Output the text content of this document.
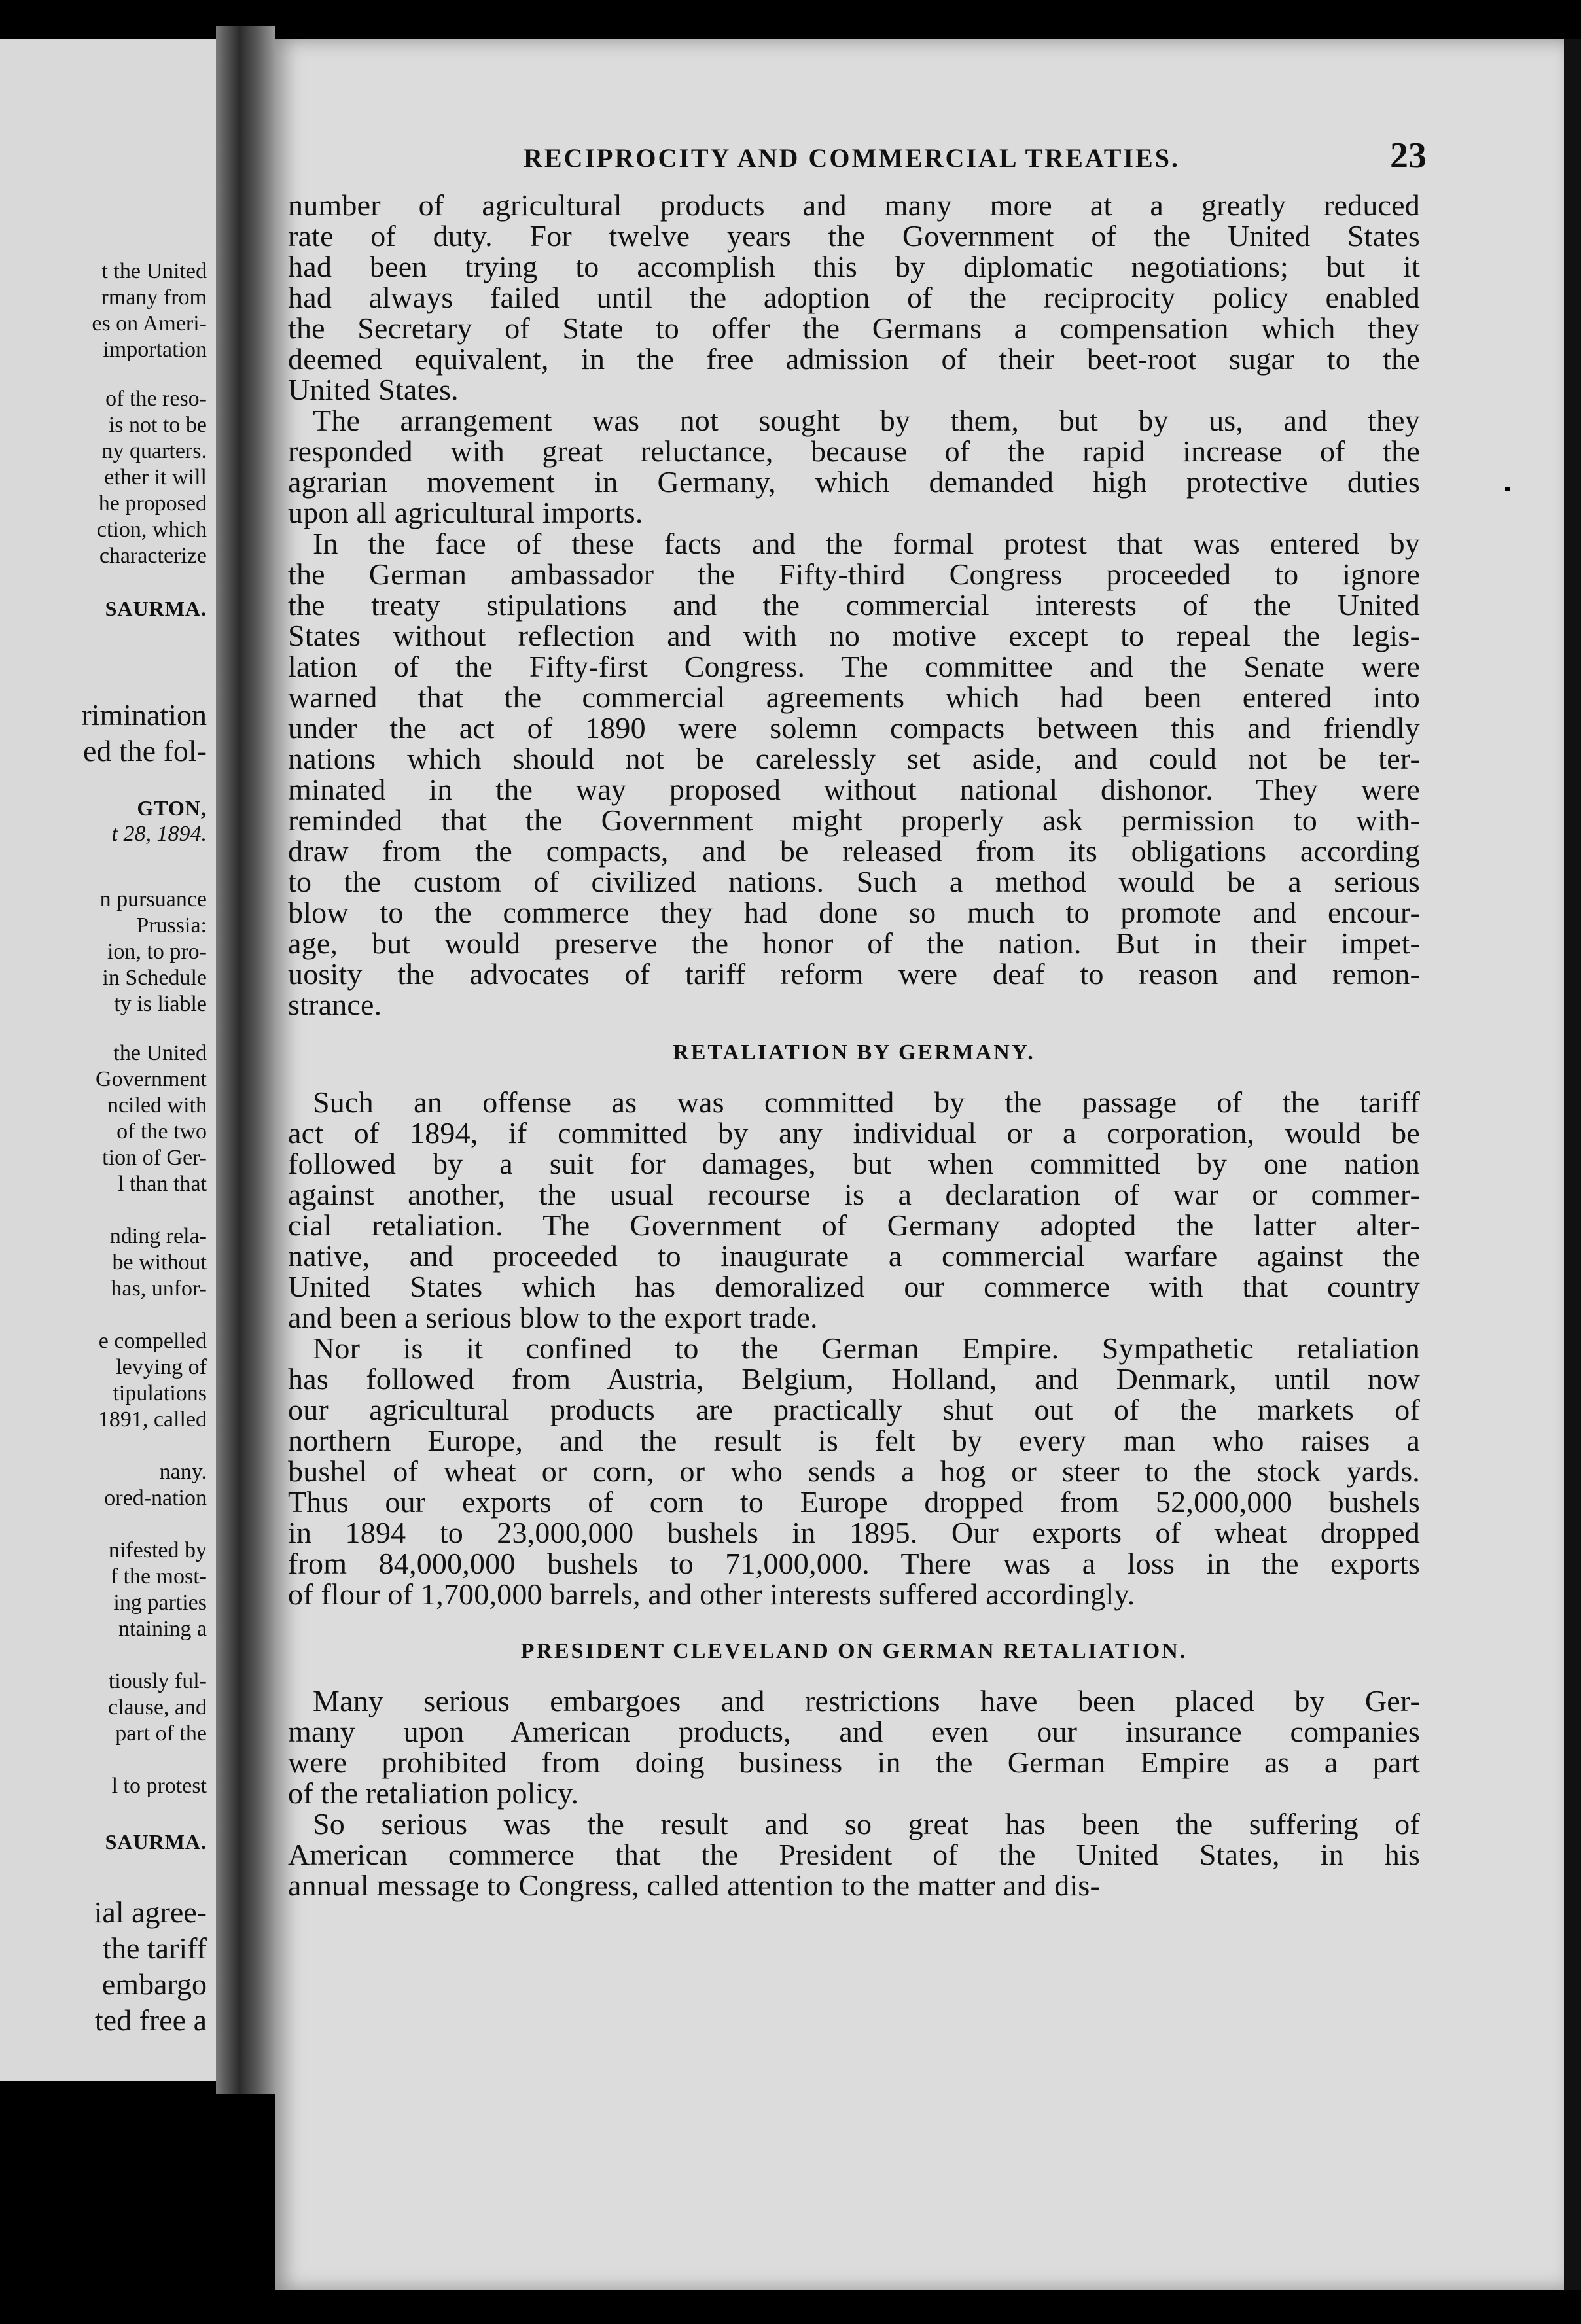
t the United
rmany from
es on Ameri-
importation
of the reso-
is not to be
ny quarters.
ether it will
he proposed
ction, which
characterize
SAURMA.
rimination
ed the fol-
GTON,
t 28, 1894.
n pursuance
Prussia:
ion, to pro-
in Schedule
ty is liable
the United
Government
nciled with
of the two
tion of Ger-
l than that
nding rela-
be without
has, unfor-
e compelled
levying of
tipulations
1891, called
nany.
ored-nation
nifested by
f the most-
ing parties
ntaining a
tiously ful-
clause, and
part of the
l to protest
SAURMA.
ial agree-
the tariff
embargo
ted free a
RECIPROCITY AND COMMERCIAL TREATIES.	23
number of agricultural products and many more at a greatly reduced
rate of duty. For twelve years the Government of the United States
had been trying to accomplish this by diplomatic negotiations; but it
had always failed until the adoption of the reciprocity policy enabled
the Secretary of State to offer the Germans a compensation which they
deemed equivalent, in the free admission of their beet-root sugar to the
United States.
The arrangement was not sought by them, but by us, and they
responded with great reluctance, because of the rapid increase of the
agrarian movement in Germany, which demanded high protective duties
upon all agricultural imports.
In the face of these facts and the formal protest that was entered by
the German ambassador the Fifty-third Congress proceeded to ignore
the treaty stipulations and the commercial interests of the United
States without reflection and with no motive except to repeal the legis-
lation of the Fifty-first Congress. The committee and the Senate were
warned that the commercial agreements which had been entered into
under the act of 1890 were solemn compacts between this and friendly
nations which should not be carelessly set aside, and could not be ter-
minated in the way proposed without national dishonor. They were
reminded that the Government might properly ask permission to with-
draw from the compacts, and be released from its obligations according
to the custom of civilized nations. Such a method would be a serious
blow to the commerce they had done so much to promote and encour-
age, but would preserve the honor of the nation. But in their impet-
uosity the advocates of tariff reform were deaf to reason and remon-
strance.
RETALIATION BY GERMANY.
Such an offense as was committed by the passage of the tariff
act of 1894, if committed by any individual or a corporation, would be
followed by a suit for damages, but when committed by one nation
against another, the usual recourse is a declaration of war or commer-
cial retaliation. The Government of Germany adopted the latter alter-
native, and proceeded to inaugurate a commercial warfare against the
United States which has demoralized our commerce with that country
and been a serious blow to the export trade.
Nor is it confined to the German Empire. Sympathetic retaliation
has followed from Austria, Belgium, Holland, and Denmark, until now
our agricultural products are practically shut out of the markets of
northern Europe, and the result is felt by every man who raises a
bushel of wheat or corn, or who sends a hog or steer to the stock yards.
Thus our exports of corn to Europe dropped from 52,000,000 bushels
in 1894 to 23,000,000 bushels in 1895. Our exports of wheat dropped
from 84,000,000 bushels to 71,000,000. There was a loss in the exports
of flour of 1,700,000 barrels, and other interests suffered accordingly.
PRESIDENT CLEVELAND ON GERMAN RETALIATION.
Many serious embargoes and restrictions have been placed by Ger-
many upon American products, and even our insurance companies
were prohibited from doing business in the German Empire as a part
of the retaliation policy.
So serious was the result and so great has been the suffering of
American commerce that the President of the United States, in his
annual message to Congress, called attention to the matter and dis-
